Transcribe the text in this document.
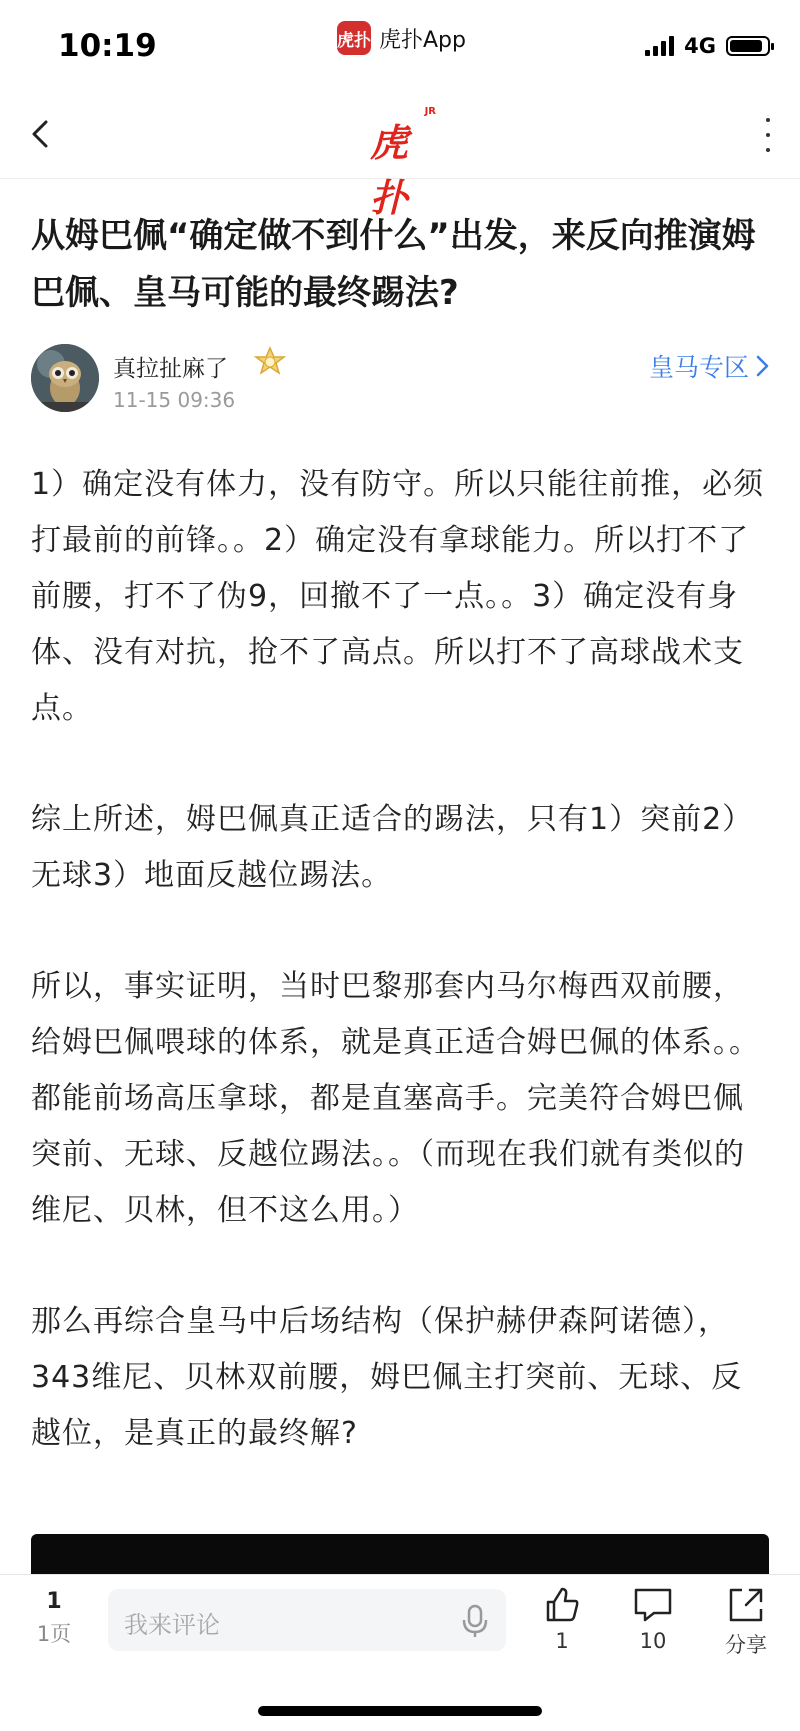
10:19	虎扑 虎扑App	4G
虎扑
JR
从姆巴佩“确定做不到什么”出发，来反向推演姆巴佩、皇马可能的最终踢法?
真拉扯麻了
11-15 09:36
皇马专区

1）确定没有体力，没有防守。所以只能往前推，必须打最前的前锋。。2）确定没有拿球能力。所以打不了前腰，打不了伪9，回撤不了一点。。3）确定没有身体、没有对抗，抢不了高点。所以打不了高球战术支点。

综上所述，姆巴佩真正适合的踢法，只有1）突前2）无球3）地面反越位踢法。

所以，事实证明，当时巴黎那套内马尔梅西双前腰，给姆巴佩喂球的体系，就是真正适合姆巴佩的体系。。都能前场高压拿球，都是直塞高手。完美符合姆巴佩突前、无球、反越位踢法。。（而现在我们就有类似的维尼、贝林，但不这么用。）

那么再综合皇马中后场结构（保护赫伊森阿诺德），343维尼、贝林双前腰，姆巴佩主打突前、无球、反越位，是真正的最终解?

1
1页 我来评论
1	10	分享
